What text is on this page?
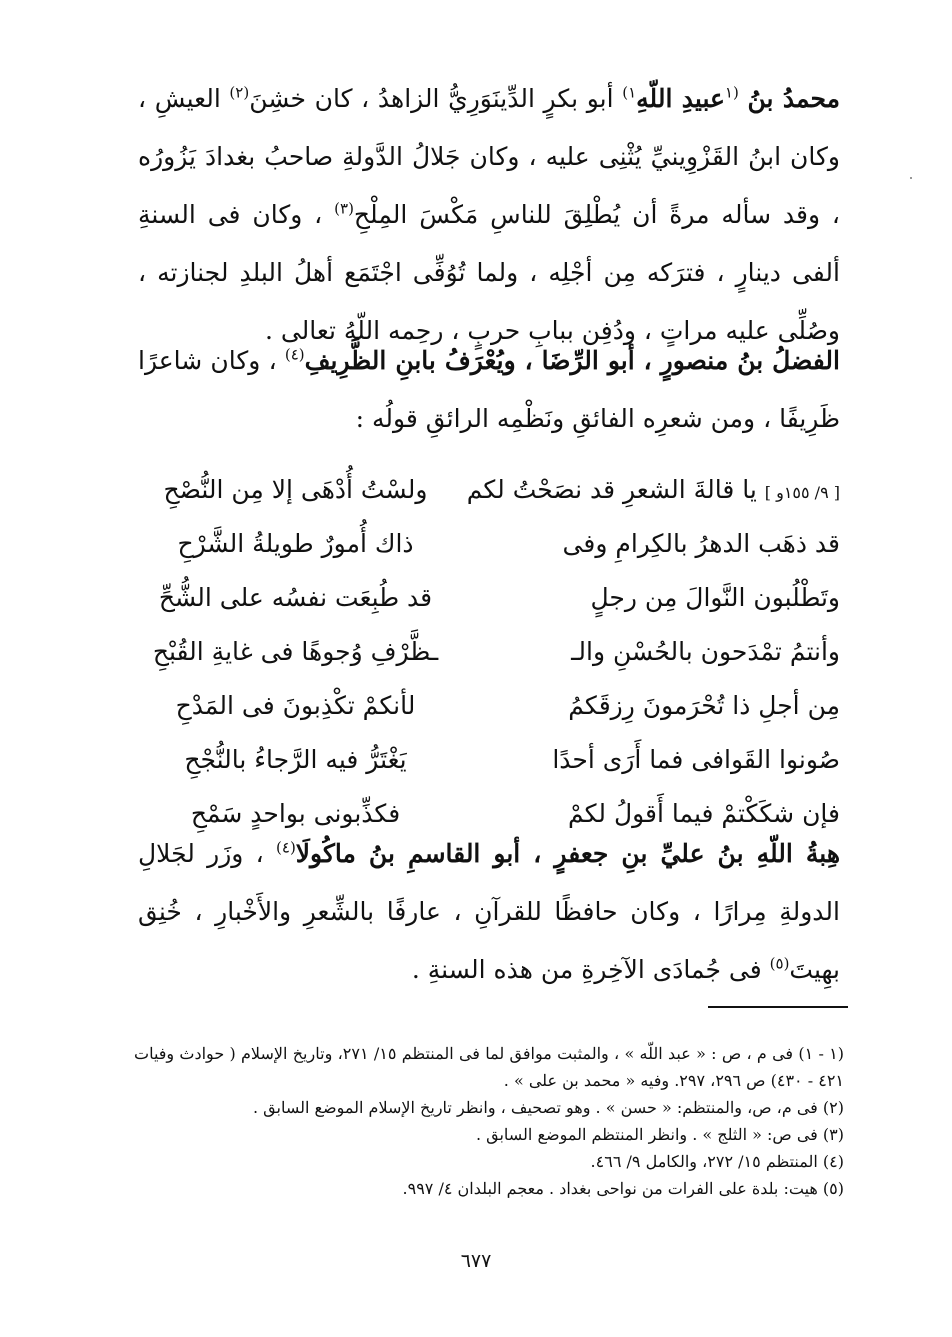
محمدُ بنُ $^{(١}$عبيدِ اللّهِ$^{١)}$ أبو بكرٍ الدِّينَوَرِيُّ الزاهدُ ، كان خشِنَ$^{(٢)}$ العيشِ ، وكان ابنُ القَزْوِينيِّ يُثْنِى عليه ، وكان جَلالُ الدَّولةِ صاحبُ بغدادَ يَزُورُه ، وقد سأله مرةً أن يُطْلِقَ للناسِ مَكْسَ المِلْحِ$^{(٣)}$ ، وكان فى السنةِ ألفى دينارٍ ، فترَكه مِن أجْلِه ، ولما تُوُفِّى اجْتَمَع أهلُ البلدِ لجنازته ، وصُلِّى عليه مراتٍ ، ودُفِن ببابِ حربٍ ، رحِمه اللّهُ تعالى .
الفضلُ بنُ منصورٍ ، أبو الرِّضَا ، ويُعْرَفُ بابنِ الظَّرِيفِ$^{(٤)}$ ، وكان شاعرًا ظَرِيفًا ، ومن شعرِه الفائقِ ونَظْمِه الرائقِ قولُه :
[ ٩/ ١٥٥و ] يا قالةَ الشعرِ قد نصَحْتُ لكم
ولسْتُ أُدْهَى إلا مِن النُّصْحِ
قد ذهَب الدهرُ بالكِرامِ وفى
ذاك أُمورٌ طويلةُ الشَّرْحِ
وتَطْلُبون النَّوالَ مِن رجلٍ
قد طُبِعَت نفسُه على الشُّحِّ
وأنتمُ تمْدَحون بالحُسْنِ والـ
ـظَّرْفِ وُجوهًا فى غايةِ القُبْحِ
مِن أجلِ ذا تُحْرَمونَ رِزقَكمُ
لأنكمْ تكْذِبونَ فى المَدْحِ
صُونوا القَوافى فما أَرَى أحدًا
يَغْتَرُّ فيه الرَّجاءُ بالنُّجْحِ
فإن شكَكْتمْ فيما أَقولُ لكمْ
فكذِّبونى بواحدٍ سَمْحِ
هِبةُ اللّهِ بنُ عليِّ بنِ جعفرٍ ، أبو القاسمِ بنُ ماكُولَا$^{(٤)}$ ، وزَر لجَلالِ الدولةِ مِرارًا ، وكان حافظًا للقرآنِ ، عارفًا بالشِّعرِ والأَخْبارِ ، خُنِق بهِيتَ$^{(٥)}$ فى جُمادَى الآخِرةِ من هذه السنةِ .
(١ - ١) فى م ، ص : « عبد اللّه » ، والمثبت موافق لما فى المنتظم ١٥/ ٢٧١، وتاريخ الإسلام ( حوادث وفيات ٤٢١ - ٤٣٠) ص ٢٩٦، ٢٩٧. وفيه « محمد بن على » .
(٢) فى م، ص، والمنتظم: « حسن » . وهو تصحيف ، وانظر تاريخ الإسلام الموضع السابق .
(٣) فى ص: « الثلج » . وانظر المنتظم الموضع السابق .
(٤) المنتظم ١٥/ ٢٧٢، والكامل ٩/ ٤٦٦.
(٥) هيت: بلدة على الفرات من نواحى بغداد . معجم البلدان ٤/ ٩٩٧.
٦٧٧
